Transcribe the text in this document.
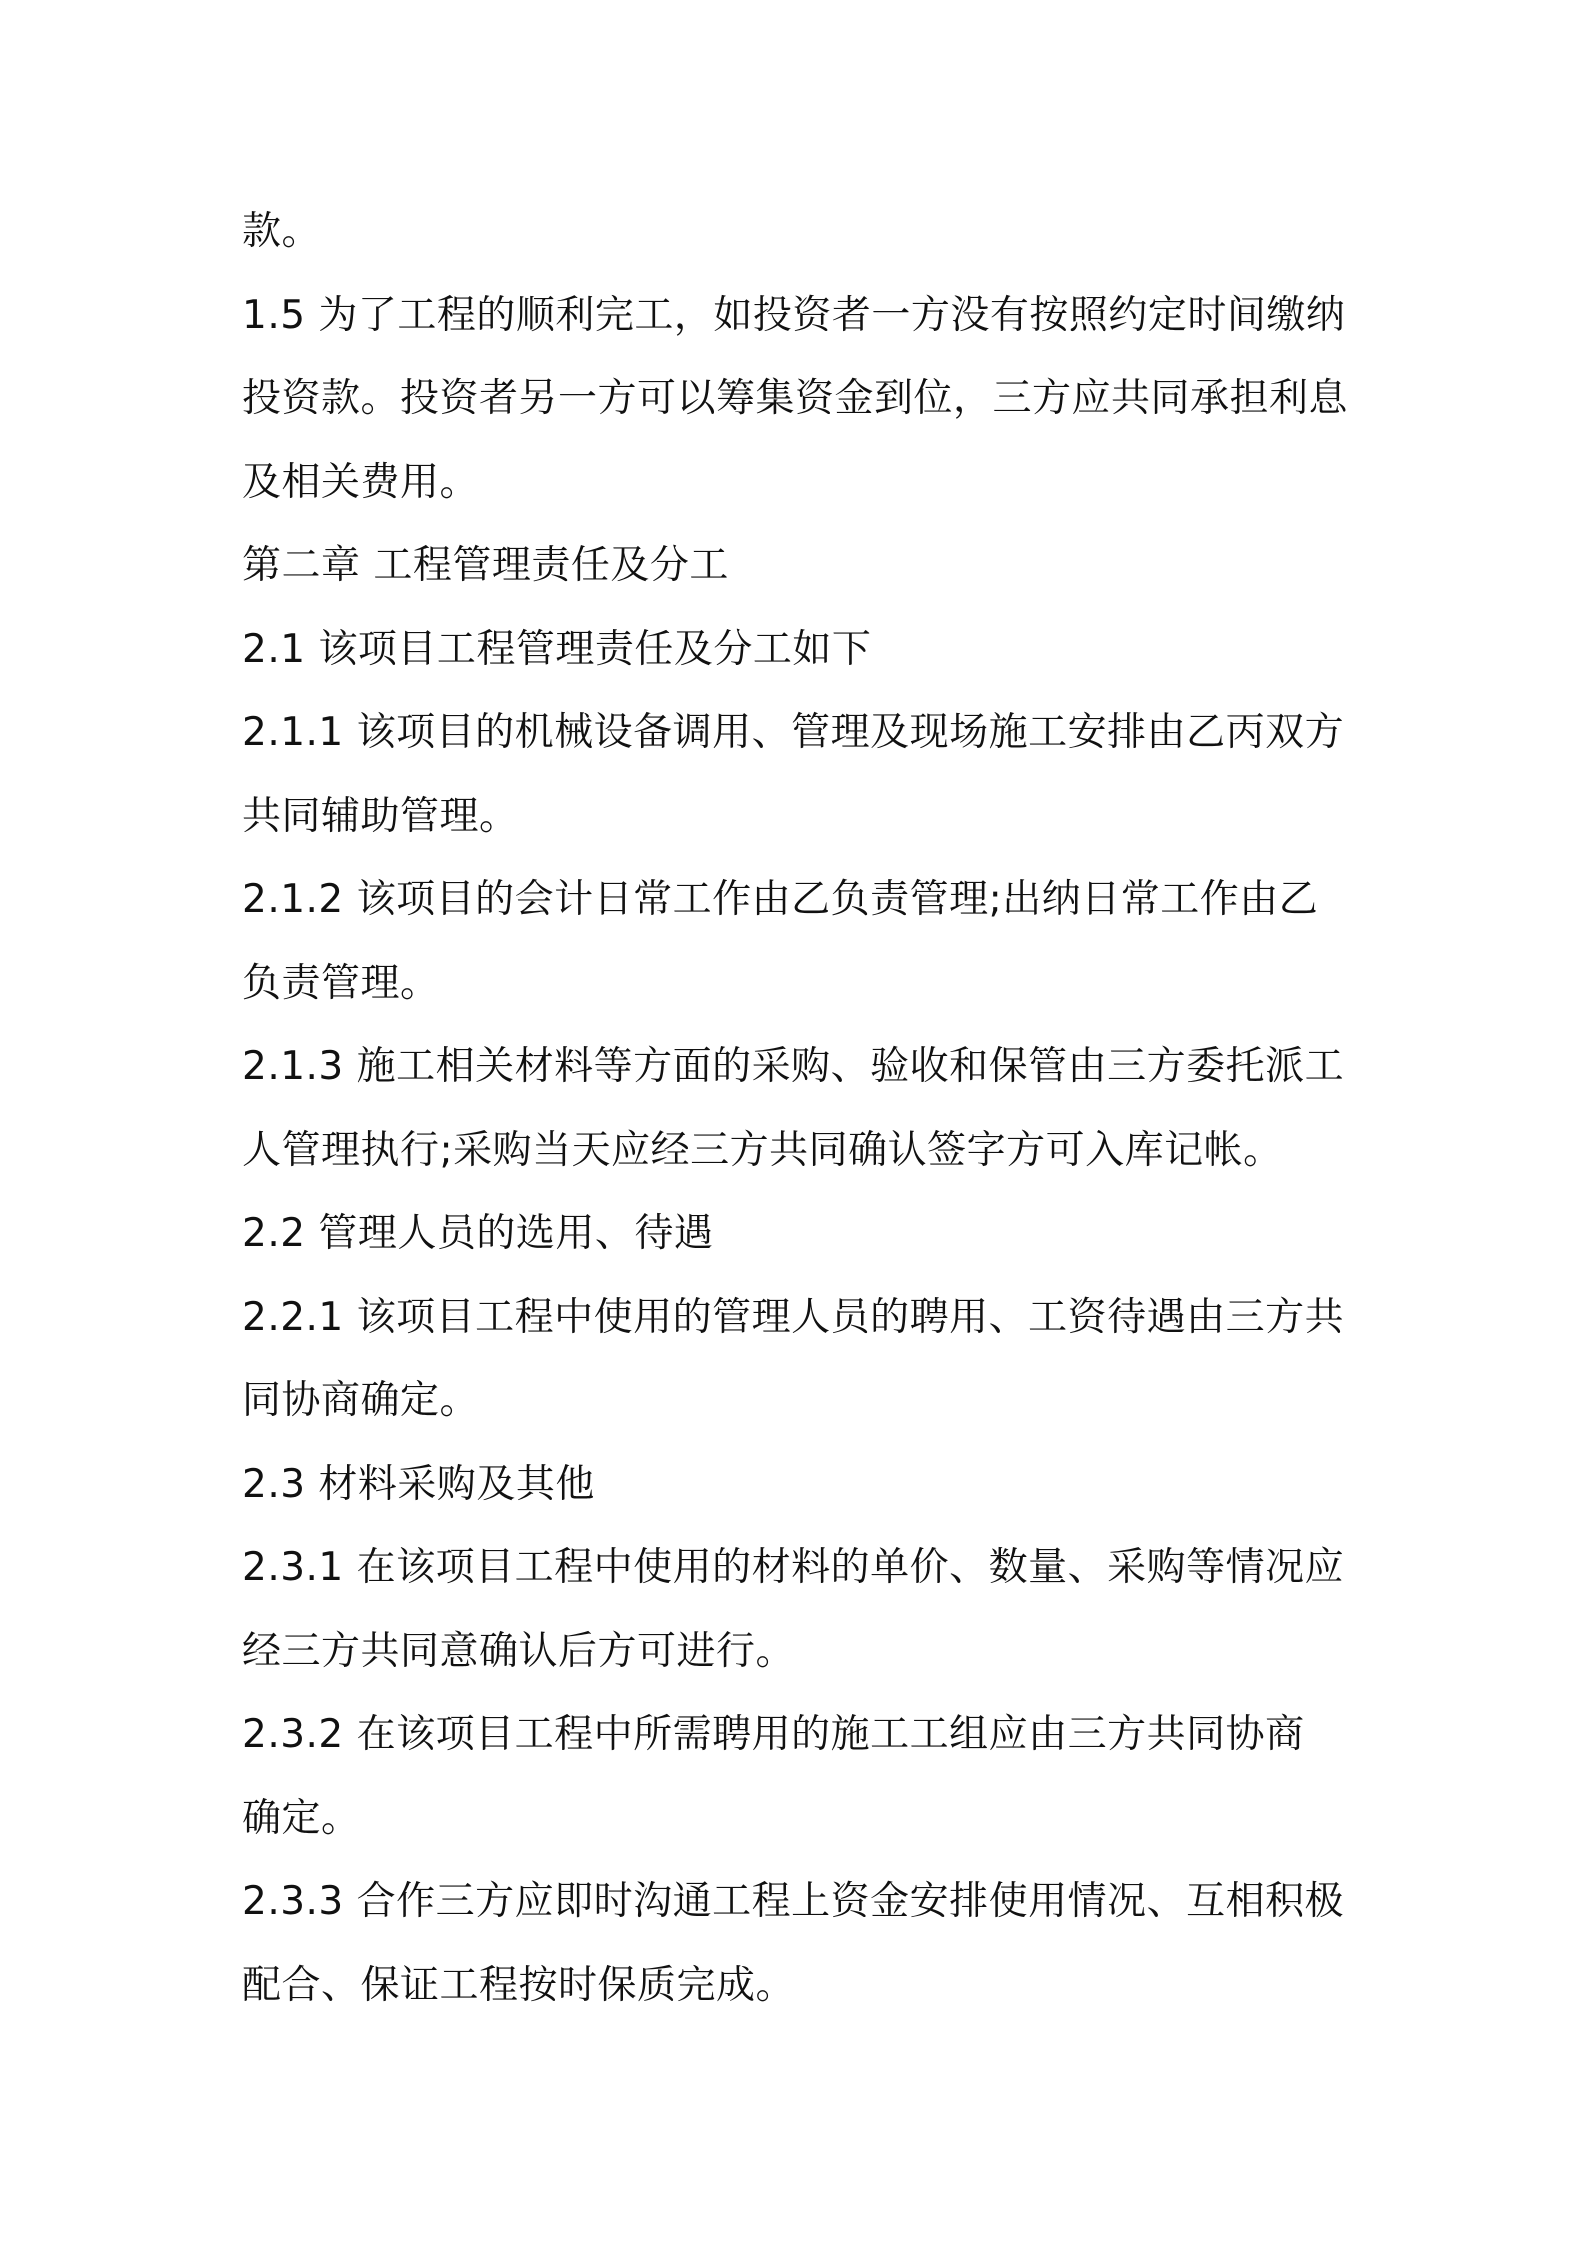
款。

1.5 为了工程的顺利完工，如投资者一方没有按照约定时间缴纳

投资款。投资者另一方可以筹集资金到位，三方应共同承担利息

及相关费用。

第二章 工程管理责任及分工

2.1 该项目工程管理责任及分工如下

2.1.1 该项目的机械设备调用、管理及现场施工安排由乙丙双方

共同辅助管理。

2.1.2 该项目的会计日常工作由乙负责管理;出纳日常工作由乙

负责管理。

2.1.3 施工相关材料等方面的采购、验收和保管由三方委托派工

人管理执行;采购当天应经三方共同确认签字方可入库记帐。

2.2 管理人员的选用、待遇

2.2.1 该项目工程中使用的管理人员的聘用、工资待遇由三方共

同协商确定。

2.3 材料采购及其他

2.3.1 在该项目工程中使用的材料的单价、数量、采购等情况应

经三方共同意确认后方可进行。

2.3.2 在该项目工程中所需聘用的施工工组应由三方共同协商

确定。

2.3.3 合作三方应即时沟通工程上资金安排使用情况、互相积极

配合、保证工程按时保质完成。
